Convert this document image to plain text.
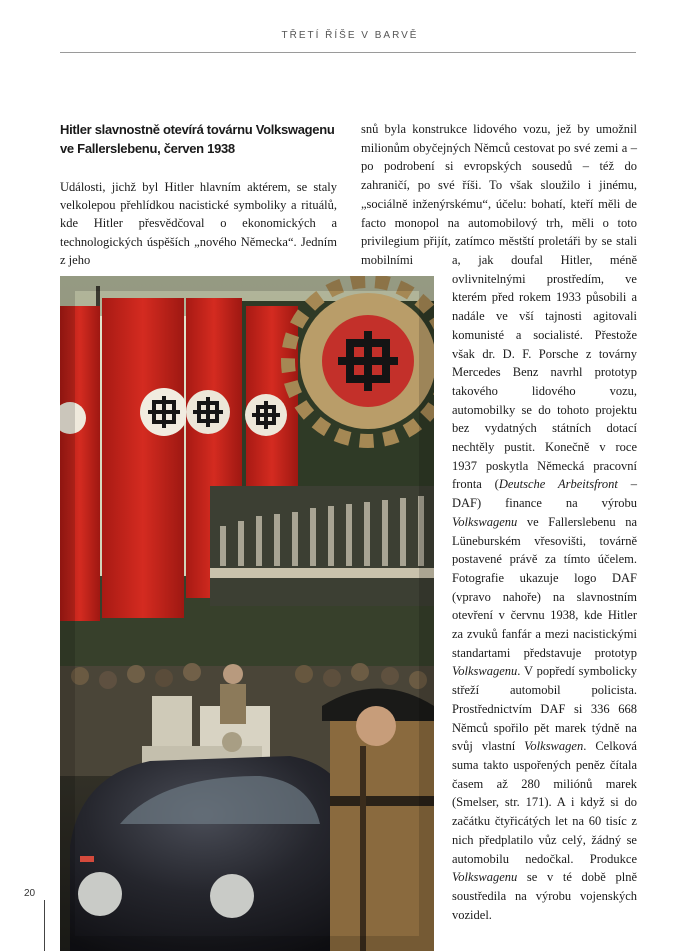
TŘETÍ ŘÍŠE V BARVĚ
Hitler slavnostně otevírá továrnu Volkswagenu ve Fallerslebenu, červen 1938
Události, jichž byl Hitler hlavním aktérem, se staly velkolepou přehlídkou nacistické symboliky a rituálů, kde Hitler přesvědčoval o ekonomických a technologických úspěších „nového Německa“. Jedním z jeho
snů byla konstrukce lidového vozu, jež by umožnil milionům obyčejných Němců cestovat po své zemi a – po podrobení si evropských sousedů – též do zahraničí, po své říši. To však sloužilo i jinému, „sociálně inženýrskému“, účelu: bohatí, kteří měli de facto monopol na automobilový trh, měli o toto privilegium přijít, zatímco městští proletáři by se stali mobilními	a, jak doufal Hitler, méně ovlivnitelnými prostředím, ve kterém před rokem 1933 působili a nadále ve vší tajnosti agitovali komunisté a socialisté. Přestože však dr. D. F. Porsche z továrny Mercedes Benz navrhl prototyp takového lidového vozu, automobilky se do tohoto projektu bez vydatných státních dotací nechtěly pustit. Konečně v roce 1937 poskytla Německá pracovní fronta (Deutsche Arbeitsfront – DAF) finance na výrobu Volkswagenu ve Fallerslebenu na Lüneburském vřesovišti, továrně postavené právě za tímto účelem. Fotografie ukazuje logo DAF (vpravo nahoře) na slavnostním otevření v červnu 1938, kde Hitler za zvuků fanfár a mezi nacistickými standartami představuje prototyp Volkswagenu. V popředí symbolicky střeží automobil policista. Prostřednictvím DAF si 336 668 Němců spořilo pět marek týdně na svůj vlastní Volkswagen. Celková suma takto uspořených peněz čítala časem až 280 miliónů marek (Smelser, str. 171). A i když si do začátku čtyřicátých let na 60 tisíc z nich předplatilo vůz celý, žádný se automobilu nedočkal. Produkce Volkswagenu se v té době plně soustředila na výrobu vojenských vozidel.
20
